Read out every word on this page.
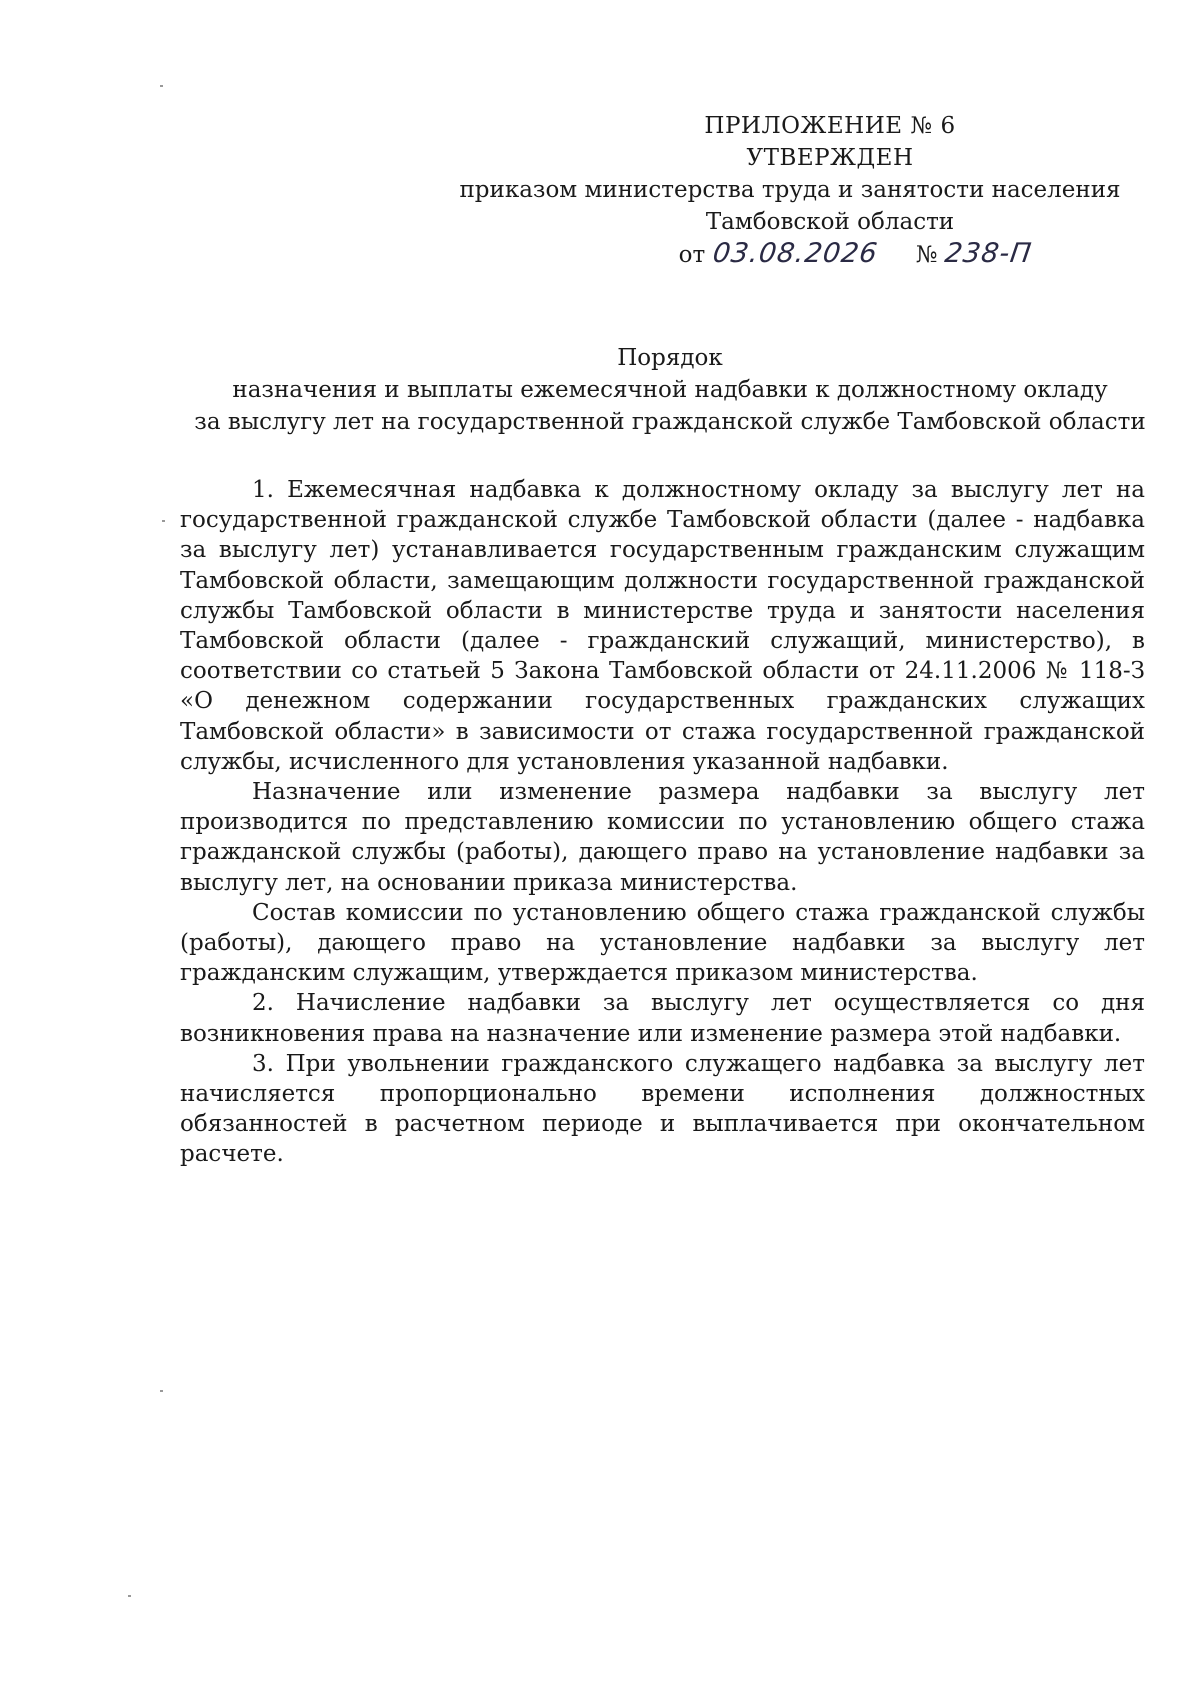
ПРИЛОЖЕНИЕ № 6
УТВЕРЖДЕН
приказом министерства труда и занятости населения
Тамбовской области
от 03.08.2026 № 238-П
Порядок
назначения и выплаты ежемесячной надбавки к должностному окладу
за выслугу лет на государственной гражданской службе Тамбовской области

1. Ежемесячная надбавка к должностному окладу за выслугу лет на государственной гражданской службе Тамбовской области (далее - надбавка за выслугу лет) устанавливается государственным гражданским служащим Тамбовской области, замещающим должности государственной гражданской службы Тамбовской области в министерстве труда и занятости населения Тамбовской области (далее - гражданский служащий, министерство), в соответствии со статьей 5 Закона Тамбовской области от 24.11.2006 № 118-З «О денежном содержании государственных гражданских служащих Тамбовской области» в зависимости от стажа государственной гражданской службы, исчисленного для установления указанной надбавки.

Назначение или изменение размера надбавки за выслугу лет производится по представлению комиссии по установлению общего стажа гражданской службы (работы), дающего право на установление надбавки за выслугу лет, на основании приказа министерства.

Состав комиссии по установлению общего стажа гражданской службы (работы), дающего право на установление надбавки за выслугу лет гражданским служащим, утверждается приказом министерства.

2. Начисление надбавки за выслугу лет осуществляется со дня возникновения права на назначение или изменение размера этой надбавки.

3. При увольнении гражданского служащего надбавка за выслугу лет начисляется пропорционально времени исполнения должностных обязанностей в расчетном периоде и выплачивается при окончательном расчете.
